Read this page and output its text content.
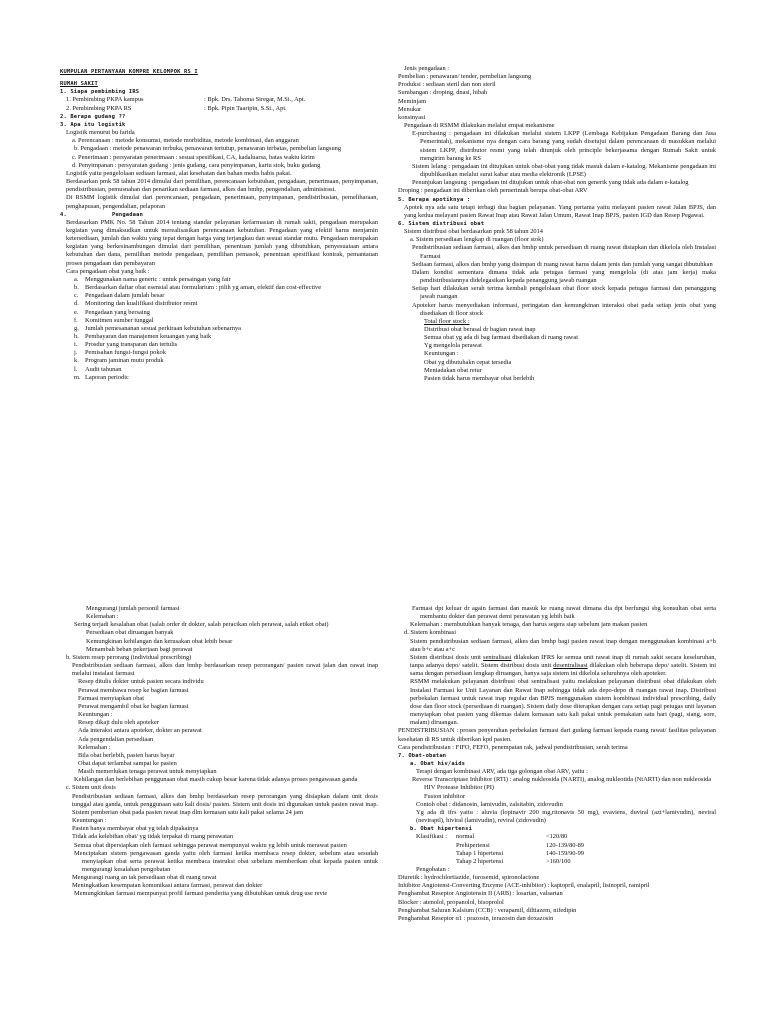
KUMPULAN PERTANYAAN KOMPRE KELOMPOK RS I
RUMAH SAKIT
1. Siapa pembimbing IRS
1. Pembimbing PKPA kampus	: Bpk. Drs. Tahoma Siregar, M.Si., Apt.
2. Pembimbing PKPA RS	: Bpk. Pipin Taaripin, S.Si., Apt.
2. Berapa gudang ??
3. Apa itu logistik
Logistik menurut bu farida
a. Perencanaan : metode konsumsi, metode morbiditas, metode kombinasi, dan anggaran
b. Pengadaan : metode penawaran terbuka, penawaran tertutup, penawaran terbatas, pembelian langsung
c. Penerimaan : persyaratan penerimaan : sesuai spesifikasi, CA, kadaluarsa, batas waktu kirim
d. Penyimpanan : persyaratan gudang : jenis gudang, cara penyimpanan, kartu stok, buku gudang
Logistik yaitu pengelolaan sediaan farmasi, alat kesehatan dan bahan medis habis pakai.
Berdasarkan pmk 58 tahun 2014 dimulai dari pemilihan, perencanaan kebutuhan, pengadaan, penerimaan, penyimpanan, pendistribusian, pemusnahan dan penarikan sediaan farmasi, alkes dan bmhp, pengendalian, administrasi.
Di RSMM logistik dimulai dari perencanaan, pengadaan, penerimaan, penyimpanan, pendistribusian, pemeliharaan, penghapusan, pengendalian, pelaporan
4.	Pengadaan
Berdasarkan PMK No. 58 Tahun 2014 tentang standar pelayanan kefarmasian di rumah sakit, pengadaan merupakan kegiatan yang dimaksudkan untuk merealisasikan perencanaan kebutuhan. Pengadaan yang efektif harus menjamin ketersediaan, jumlah dan waktu yang tepat dengan harga yang terjangkau dan sesuai standar mutu. Pengadaan merupakan kegiatan yang berkesinambungan dimulai dari pemilihan, penentuan jumlah yang dibutuhkan, penyesuaiaan antara kebutuhan dan dana, pemilihan metode pengadaan, pemilihan pemasok, penentuan spesifikasi kontrak, pemantauan proses pengadaan dan pembayaran
Cara pengadaan obat yang baik :
a.	Menggunakan nama generic : untuk persaingan yang fair
b. Berdasarkan daftar obat esensial atau formularium : pilih yg aman, efektif dan cost-effective
c.	Pengadaan dalam jumlah besar
d. Monitoring dan kualifikasi distributor resmi
e.	Pengadaan yang bersaing
f.	Komitmen sumber tunggal
g. Jumlah pemesananan sesuai perkiraan kebutuhan sebenarnya
h. Pembayaran dan manajemen keuangan yang baik
i.	Prosdur yang transparan dan tertulis
j.	Pemisahan fungsi-fungsi pokok
k. Program jaminan mutu produk
l.	Audit tahunan
m. Laporan periodic
Jenis pengadaan :
Pembelian : penawaran/ tender, pembelian langsung
Produksi : sediaan steril dan non steril
Sumbangan : droping, dnasi, hibah
Meminjam
Menukar
konsinyasi
Pengadaan di RSMM dilakukan melalui empat mekanisme
E-purchasing : pengadaan ini dilakukan melalui sistem LKPP (Lembaga Kebijakan Pengadaan Barang dan Jasa Pemerintah), mekanisme nya dengan cara barang yang sudah disetujui dalam perencanaan di masukkan melalui sistem LKPP, distributor resmi yang telah ditunjuk oleh principle bekerjasama dengan Rumah Sakit untuk mengirim barang ke RS
Sistem lelang : pengadaan ini ditujukan untuk obat-obat yang tidak masuk dalam e-katalog. Mekanisme pengadaan ini dipublikasikan melalui surat kabar atau media elektronik (LPSE)
Penunjukan langsung : pengadaan ini ditujukan untuk obat-obat non generik yang tidak ada dalam e-katalog
Droping : pengadaan ini diberikan oleh pemerintah berupa obat-obat ARV
5. Berapa apotiknya :
Apotek nya ada satu tetapi terbagi dua bagian pelayanan. Yang pertama yaitu melayani pasien rawat Jalan BPJS, dan yang kedua melayani pasien Rawat Inap atau Rawat Jalan Umum, Rawat Inap BPJS, pasien IGD dan Resep Pegawai.
6. Sistem distribusi obat
Sistem distribusi obat berdasarkan pmk 58 tahun 2014
a. Sistem persediaan lengkap di ruangan (floor stok)
Pendistribusian sediaan farmasi, alkes dan bmhp untuk persediaan di ruang rawat disiapkan dan dikelola oleh Instalasi Farmasi
Sediaan farmasi, alkes dan bmhp yang disimpan di ruang rawat harus dalam jenis dan jumlah yang sangat dibutuhkan
Dalam kondisi sementara dimana tidak ada petugas farmasi yang mengelola (di atas jam kerja) maka pendistribusiannya didelegasikan kepada penanggung jawab ruangan
Setiap hari dilakukan serah terima kembali pengelolaan obat floor stock kepada petugas farmasi dan penanggung jawab ruangan
Apoteker harus menyediakan informasi, peringatan dan kemungkinan interaksi obat pada setiap jenis obat yang disediakan di floor stock
Total floor stock :
Distribusi obat berasal dr bagian rawat inap
Semua obat yg ada di bag farmasi disediakan di ruang rawat
Yg mengelola perawat
Keuntungan :
Obat yg dibutuhakn cepat tersedia
Meniadakan obat retur
Pasien tidak harus membayar obat berlebih
Mengurangi jumlah personil farmasi
Kelemahan :
Sering terjadi kesalahan obat (salah order dr dokter, salah peracikan oleh perawat, salah etiket obat)
Persediaan obat diruangan banyak
Kemungkinan kehilangan dan kerusakan obat lebih besar
Menambah beban pekerjaan bagi perawat
b. Sistem resep perorang (individual prescribing)
Pendistribusian sediaan farmasi, alkes dan bmhp berdasarkan resep perorangan/ pasien rawat jalan dan rawat inap melalui instalasi farmasi
Resep ditulis dokter untuk pasien secara individu
Perawat membawa resep ke bagian farmasi
Farmasi menyiapkan obat
Perawat mengambil obat ke bagian farmasi
Keuntungan :
Resep dikaji dulu oleh apoteker
Ada interaksi antara apoteker, dokter an perawat
Ada pengendalian persediaan
Kelemahan :
Bila obat berlebih, pasien harus bayar
Obat dapat terlambat sampai ke pasien
Masih memerlukan tenaga perawat untuk menyiapkan
Kehilangan dan berlebihan penggunaan obat masih cukup besar karena tidak adanya proses pengawasan ganda
c. Sistem unit dosis
Pendistribusian sediaan farmasi, alkes dan bmhp berdasarkan resep perorangan yang disiapkan dalam unit dosis tunggal atau ganda, untuk penggunaan satu kali dosis/ pasien. Sistem unit dosis ini digunakan untuk pasien rawat inap. Sistem pemberian obat pada pasien rawat inap dlm kemasan satu kali pakai selama 24 jam
Keuntungan :
Pasien hanya membayar obat yg telah dipakainya
Tidak ada kelebihan obat/ yg tidak terpakai di ruang perawatan
Semua obat dipersiapkan oleh farmasi sehingga perawat mempunyai waktu yg lebih untuk merawat pasien
Menciptakan sistem pengawasan ganda yaitu oleh farmasi ketika membaca resep dokter, sebelum atau sesudah menyiapkan obat serta perawat ketika membaca instruksi obat sebelum memberikan obat kepada pasien untuk mengurangi kesalahan pengobatan
Mengurangi ruang an tak persediaan obat di ruang rawat
Meningkatkan kesempatan komunikasi antara farmasi, perawat dan dokter
Memungkinkan farmasi mempunyai profil farmasi penderita yang dibutuhkan untuk drug use revie
Farmasi dpt keluar dr again farmasi dan masuk ke ruang rawat dimana dia dpt berfungsi sbg konsultan obat serta membantu dokter dan perawat demi perawatan yg lebih baik
Kelemahan : membutuhkan banyak tenaga, dan harus segera siap sebelum jam makan pasien
d. Sistem kombinasi
Sistem pendistribusian sediaan farmasi, alkes dan bmhp bagi pasien rawat inap dengan menggunakan kombinasi a+b atau b+c atau a+c
Sistem distribusi dosis unit sentralisasi dilakukan IFRS ke semua unit rawat inap di rumah sakit secara keseluruhan, tanpa adanya depo/ satelit. Sistem distribusi dosis unit desentralisasi dilakukan oleh beberapa depo/ satelit. Sistem ini sama dengan persediaan lengkap diruangan, hanya saja sistem ini dikelola seluruhnya oleh apoteker.
RSMM melakukan pelayanan distribusi obat sentralisasi yaitu melakukan pelayanan distribusi obat dilakukan oleh Instalasi Farmasi ke Unit Layanan dan Rawat Inap sehingga tidak ada depo-depo di ruangan rawat inap. Distribusi perbekalan farmasi untuk rawat inap regular dan BPJS menggunakan sistem kombinasi individual prescribing, daily dose dan floor stock (persediaan di ruangan). Sistem daily dose diterapkan dengan cara setiap pagi petugas unit layanan menyiapkan obat pasien yang dikemas dalam kemasan satu kali pakai untuk pemakaian satu hari (pagi, siang, sore, malam) diruangan.
PENDISTRIBUSIAN : proses penyerahan perbekalan farmasi dari gudang farmasi kepada ruang rawat/ fasilitas pelayanan kesehatan di RS untuk diberikan kpd pasien.
Cara pendistribusian : FIFO, FEFO, penempatan rak, jadwal pendistribusian, serah terima
7. Obat-obatan
a. Obat hiv/aids
Terapi dengan kombinasi ARV, ada tiga golongan obat ARV, yaitu :
Reverse Transcriptase Inhibitor (RTI) : analog nukleosida (NARTI), analog nukleotida (NtARTI) dan non nukleosida
HIV Protease Inhibitor (PI)
Fusion inhibitor
Contoh obat : didanosin, lamivudin, zalsitabin, zidovudin
Yg ada di ifrs yaitu : aluvia (lopinavir 200 mg,ritonavis 50 mg), evaviens, duviral (azt+lamivudin), neviral (neviraptl), hiviral (lamivudin), reviral (zidovudin)
b. Obat hipertensi
Klasifikasi :	normal	<120/80
Prehipertensi	120-139/80-89
Tahap 1 hipertensi	140-159/90-99
Tahap 2 hipertensi	>160/100
Pengobatan :
Diuretik : hydrochlortiazide, furosemid, spironolactone
Inhibitor Angiotensi-Converting Enzyme (ACE-inhibitor) : kaptopril, enalapril, lisinopril, ramipril
Penghambat Reseptor Angiotensin II (ARB) : losartan, valsartan
Blocker : atenolol, propanolol, bisoprolol
Penghambat Saluran Kalsium (CCB) : verapamil, diltiazem, nifedipin
Penghambat Reseptor α1 : prazosin, terazosin dan doxazosin
